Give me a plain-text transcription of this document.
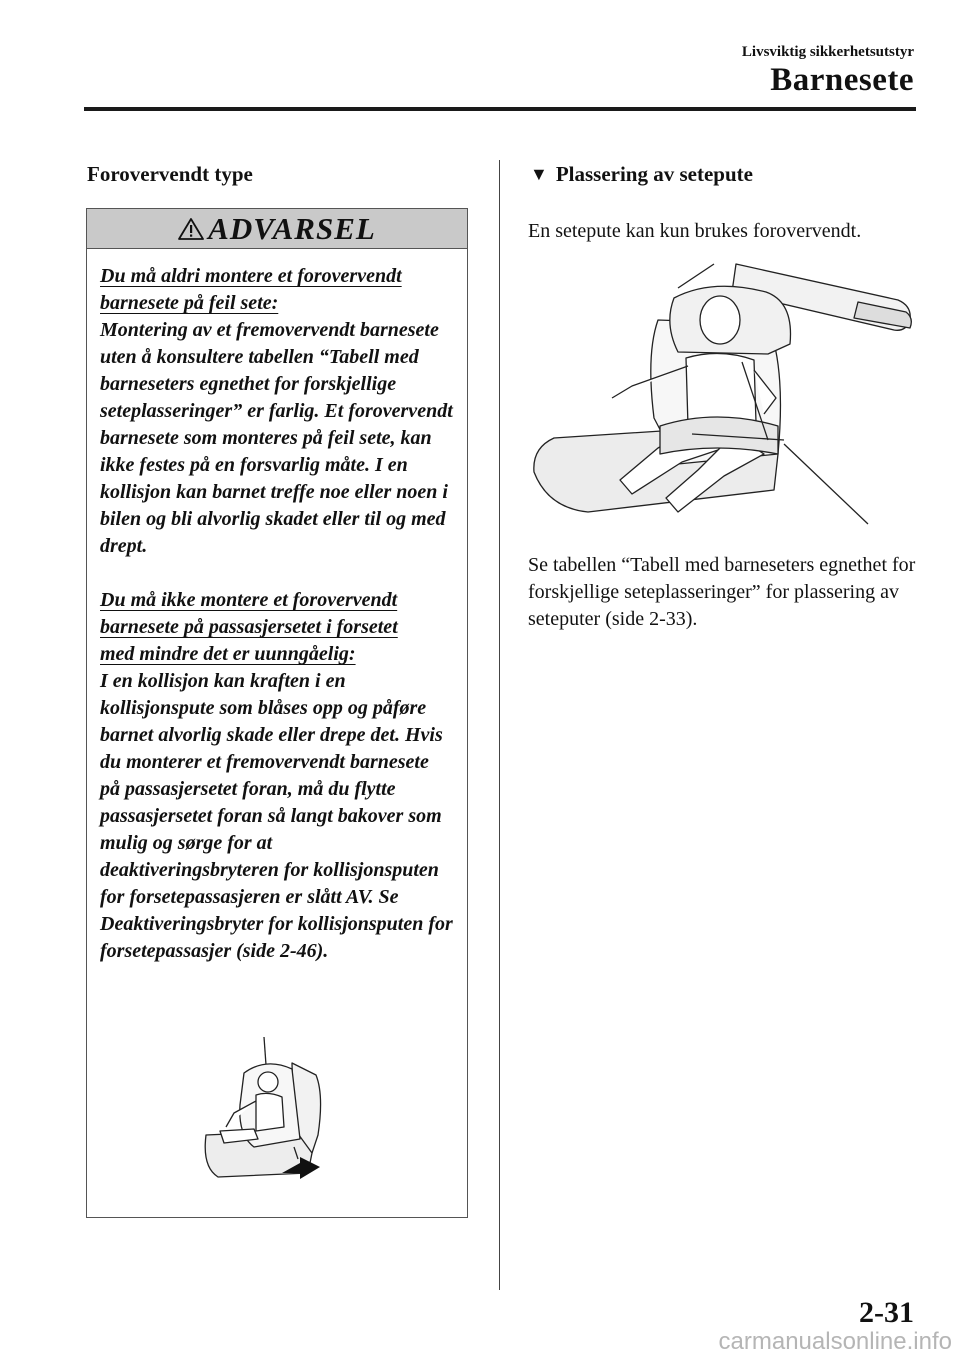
Livsviktig sikkerhetsutstyr
Barnesete
Forovervendt type
ADVARSEL

Du må aldri montere et forovervendt

barnesete på feil sete:

Montering av et fremovervendt barnesete uten å konsultere tabellen “Tabell med barneseters egnethet for forskjellige seteplasseringer” er farlig. Et forovervendt barnesete som monteres på feil sete, kan ikke festes på en forsvarlig måte. I en kollisjon kan barnet treffe noe eller noen i bilen og bli alvorlig skadet eller til og med drept.

Du må ikke montere et forovervendt

barnesete på passasjersetet i forsetet

med mindre det er uunngåelig:

I en kollisjon kan kraften i en kollisjonspute som blåses opp og påføre barnet alvorlig skade eller drepe det. Hvis du monterer et fremovervendt barnesete på passasjersetet foran, må du flytte passasjersetet foran så langt bakover som mulig og sørge for at deaktiveringsbryteren for kollisjonsputen for forsetepassasjeren er slått AV. Se Deaktiveringsbryter for kollisjonsputen for forsetepassasjer (side 2-46).

▼ Plassering av setepute
En setepute kan kun brukes forovervendt.
Se tabellen “Tabell med barneseters egnethet for forskjellige seteplasseringer” for plassering av seteputer (side 2-33).
2-31
carmanualsonline.info
